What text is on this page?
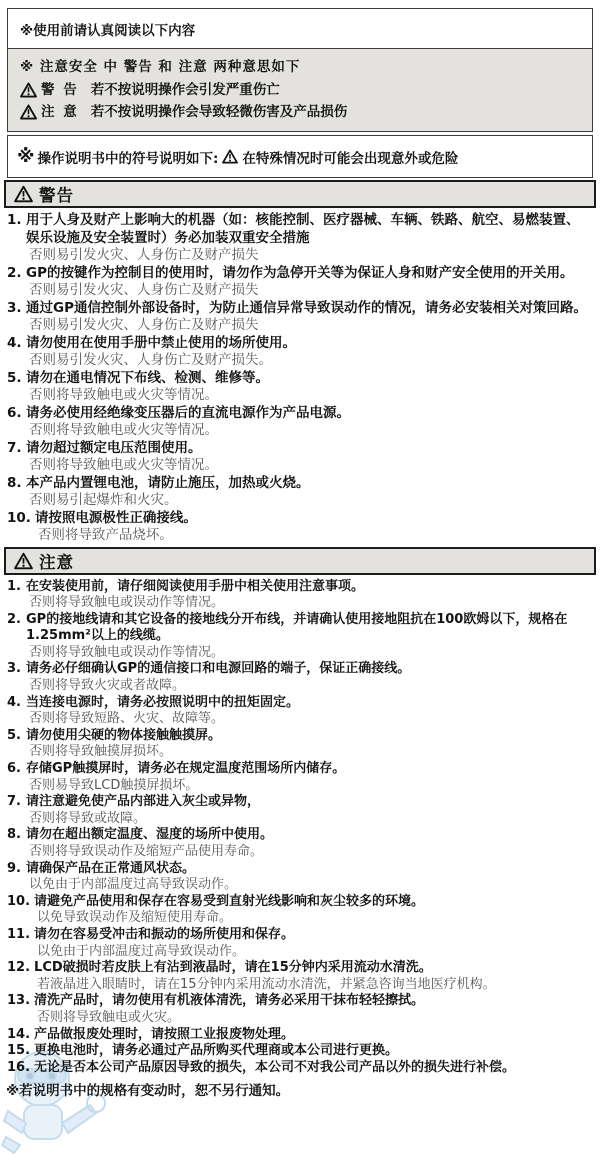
※使用前请认真阅读以下内容
※ 注意安全 中 警告 和 注意 两种意思如下
警 告 若不按说明操作会引发严重伤亡
注 意 若不按说明操作会导致轻微伤害及产品损伤
※ 操作说明书中的符号说明如下: 在特殊情况时可能会出现意外或危险
警告
1. 用于人身及财产上影响大的机器（如：核能控制、医疗器械、车辆、铁路、航空、易燃装置、娱乐设施及安全装置时）务必加装双重安全措施
否则易引发火灾、人身伤亡及财产损失
2. GP的按键作为控制目的使用时，请勿作为急停开关等为保证人身和财产安全使用的开关用。
否则易引发火灾、人身伤亡及财产损失
3. 通过GP通信控制外部设备时，为防止通信异常导致误动作的情况，请务必安装相关对策回路。
否则易引发火灾、人身伤亡及财产损失
4. 请勿使用在使用手册中禁止使用的场所使用。
否则易引发火灾、人身伤亡及财产损失。
5. 请勿在通电情况下布线、检测、维修等。
否则将导致触电或火灾等情况。
6. 请务必使用经绝缘变压器后的直流电源作为产品电源。
否则将导致触电或火灾等情况。
7. 请勿超过额定电压范围使用。
否则将导致触电或火灾等情况。
8. 本产品内置锂电池，请防止施压，加热或火烧。
否则易引起爆炸和火灾。
10. 请按照电源极性正确接线。
否则将导致产品烧坏。
注意
1. 在安装使用前，请仔细阅读使用手册中相关使用注意事项。
否则将导致触电或误动作等情况。
2. GP的接地线请和其它设备的接地线分开布线，并请确认使用接地阻抗在100欧姆以下，规格在1.25mm²以上的线缆。
否则将导致触电或误动作等情况。
3. 请务必仔细确认GP的通信接口和电源回路的端子，保证正确接线。
否则将导致火灾或者故障。
4. 当连接电源时，请务必按照说明中的扭矩固定。
否则将导致短路、火灾、故障等。
5. 请勿使用尖硬的物体接触触摸屏。
否则将导致触摸屏损坏。
6. 存储GP触摸屏时，请务必在规定温度范围场所内储存。
否则易导致LCD触摸屏损坏。
7. 请注意避免使产品内部进入灰尘或异物，
否则将导致或故障。
8. 请勿在超出额定温度、湿度的场所中使用。
否则将导致误动作及缩短产品使用寿命。
9. 请确保产品在正常通风状态。
以免由于内部温度过高导致误动作。
10. 请避免产品使用和保存在容易受到直射光线影响和灰尘较多的环境。
以免导致误动作及缩短使用寿命。
11. 请勿在容易受冲击和振动的场所使用和保存。
以免由于内部温度过高导致误动作。
12. LCD破损时若皮肤上有沾到液晶时，请在15分钟内采用流动水清洗。
若液晶进入眼睛时，请在15分钟内采用流动水清洗，并紧急咨询当地医疗机构。
13. 清洗产品时，请勿使用有机液体清洗，请务必采用干抹布轻轻擦拭。
否则将导致触电或火灾。
14. 产品做报废处理时，请按照工业报废物处理。
15. 更换电池时，请务必通过产品所购买代理商或本公司进行更换。
16. 无论是否本公司产品原因导致的损失，本公司不对我公司产品以外的损失进行补偿。
※若说明书中的规格有变动时，恕不另行通知。
